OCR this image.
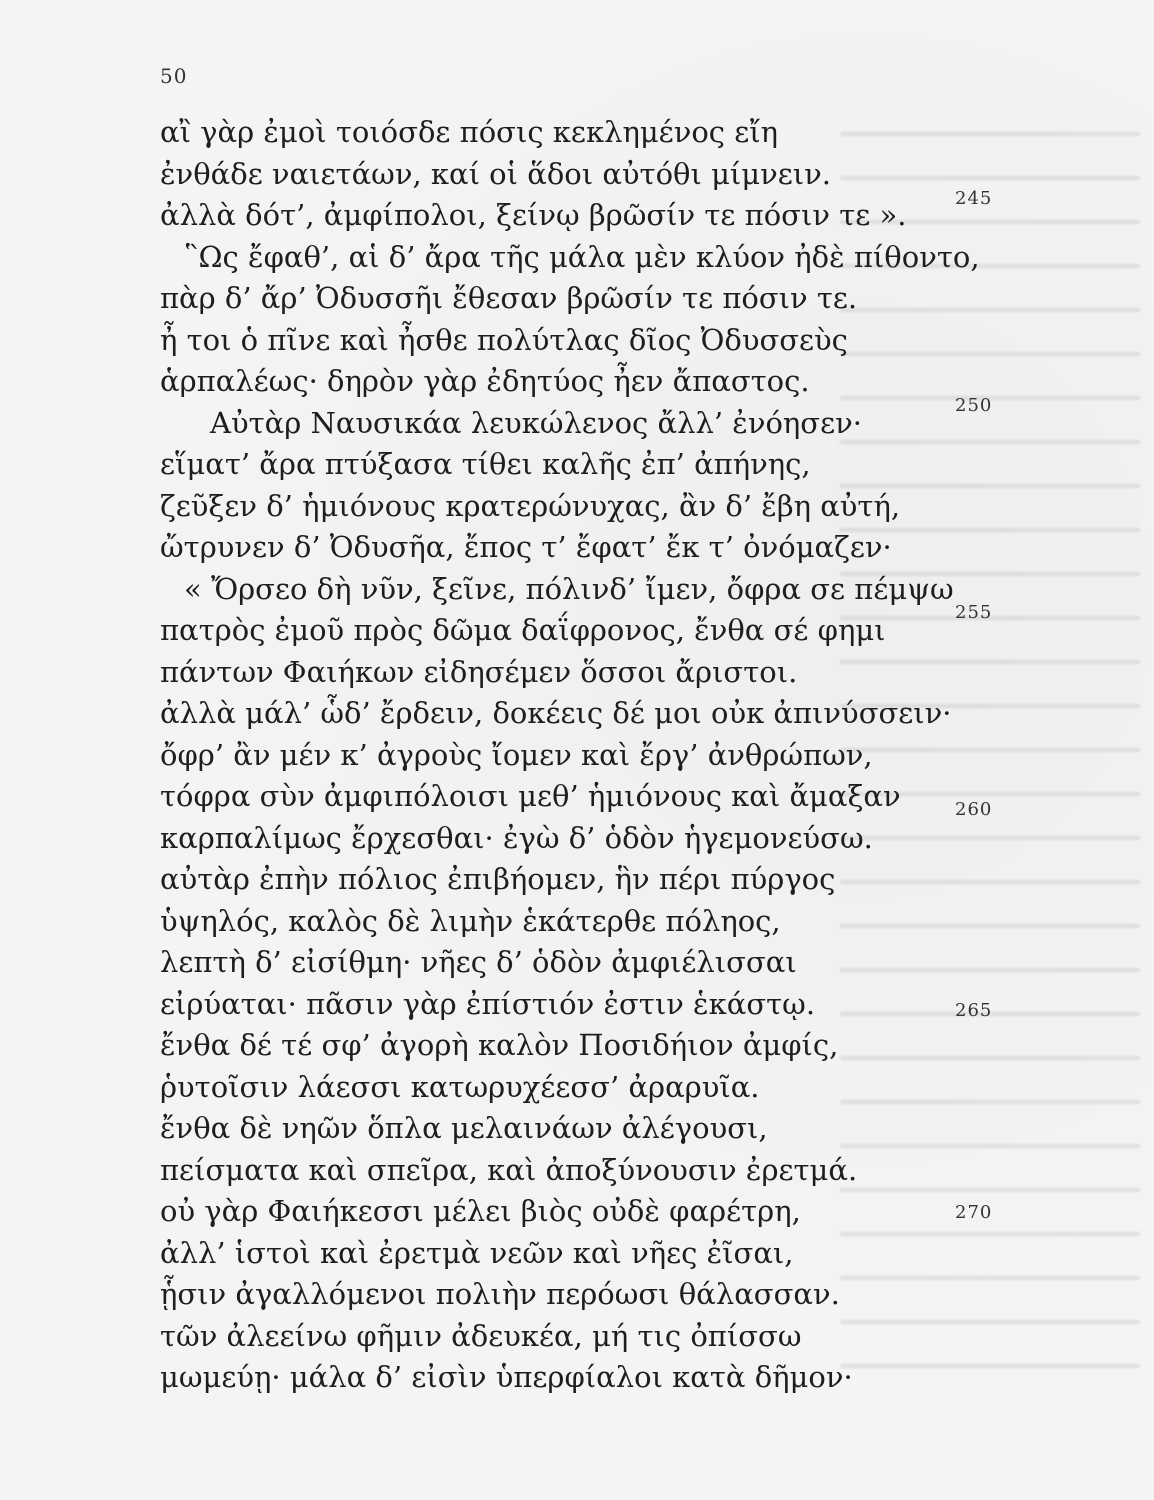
50
αἲ γὰρ ἐμοὶ τοιόσδε πόσις κεκλημένος εἴη
ἐνθάδε ναιετάων, καί οἱ ἅδοι αὐτόθι μίμνειν.
ἀλλὰ δότ’, ἀμφίπολοι, ξείνῳ βρῶσίν τε πόσιν τε ».
῝Ως ἔφαθ’, αἱ δ’ ἄρα τῆς μάλα μὲν κλύον ἠδὲ πίθοντο,
πὰρ δ’ ἄρ’ Ὀδυσσῆι ἔθεσαν βρῶσίν τε πόσιν τε.
ἦ τοι ὁ πῖνε καὶ ἦσθε πολύτλας δῖος Ὀδυσσεὺς
ἁρπαλέως· δηρὸν γὰρ ἐδητύος ἦεν ἄπαστος.
Αὐτὰρ Ναυσικάα λευκώλενος ἄλλ’ ἐνόησεν·
εἵματ’ ἄρα πτύξασα τίθει καλῆς ἐπ’ ἀπήνης,
ζεῦξεν δ’ ἡμιόνους κρατερώνυχας, ἂν δ’ ἔβη αὐτή,
ὤτρυνεν δ’ Ὀδυσῆα, ἔπος τ’ ἔφατ’ ἔκ τ’ ὀνόμαζεν·
« Ὄρσεο δὴ νῦν, ξεῖνε, πόλινδ’ ἴμεν, ὄφρα σε πέμψω
πατρὸς ἐμοῦ πρὸς δῶμα δαΐφρονος, ἔνθα σέ φημι
πάντων Φαιήκων εἰδησέμεν ὅσσοι ἄριστοι.
ἀλλὰ μάλ’ ὧδ’ ἔρδειν, δοκέεις δέ μοι οὐκ ἀπινύσσειν·
ὄφρ’ ἂν μέν κ’ ἀγροὺς ἴομεν καὶ ἔργ’ ἀνθρώπων,
τόφρα σὺν ἀμφιπόλοισι μεθ’ ἡμιόνους καὶ ἄμαξαν
καρπαλίμως ἔρχεσθαι· ἐγὼ δ’ ὁδὸν ἡγεμονεύσω.
αὐτὰρ ἐπὴν πόλιος ἐπιβήομεν, ἣν πέρι πύργος
ὑψηλός, καλὸς δὲ λιμὴν ἑκάτερθε πόληος,
λεπτὴ δ’ εἰσίθμη· νῆες δ’ ὁδὸν ἀμφιέλισσαι
εἰρύαται· πᾶσιν γὰρ ἐπίστιόν ἐστιν ἑκάστῳ.
ἔνθα δέ τέ σφ’ ἀγορὴ καλὸν Ποσιδήιον ἀμφίς,
ῥυτοῖσιν λάεσσι κατωρυχέεσσ’ ἀραρυῖα.
ἔνθα δὲ νηῶν ὅπλα μελαινάων ἀλέγουσι,
πείσματα καὶ σπεῖρα, καὶ ἀποξύνουσιν ἐρετμά.
οὐ γὰρ Φαιήκεσσι μέλει βιὸς οὐδὲ φαρέτρη,
ἀλλ’ ἱστοὶ καὶ ἐρετμὰ νεῶν καὶ νῆες ἐῖσαι,
ᾗσιν ἀγαλλόμενοι πολιὴν περόωσι θάλασσαν.
τῶν ἀλεείνω φῆμιν ἀδευκέα, μή τις ὀπίσσω
μωμεύῃ· μάλα δ’ εἰσὶν ὑπερφίαλοι κατὰ δῆμον·
245
250
255
260
265
270
